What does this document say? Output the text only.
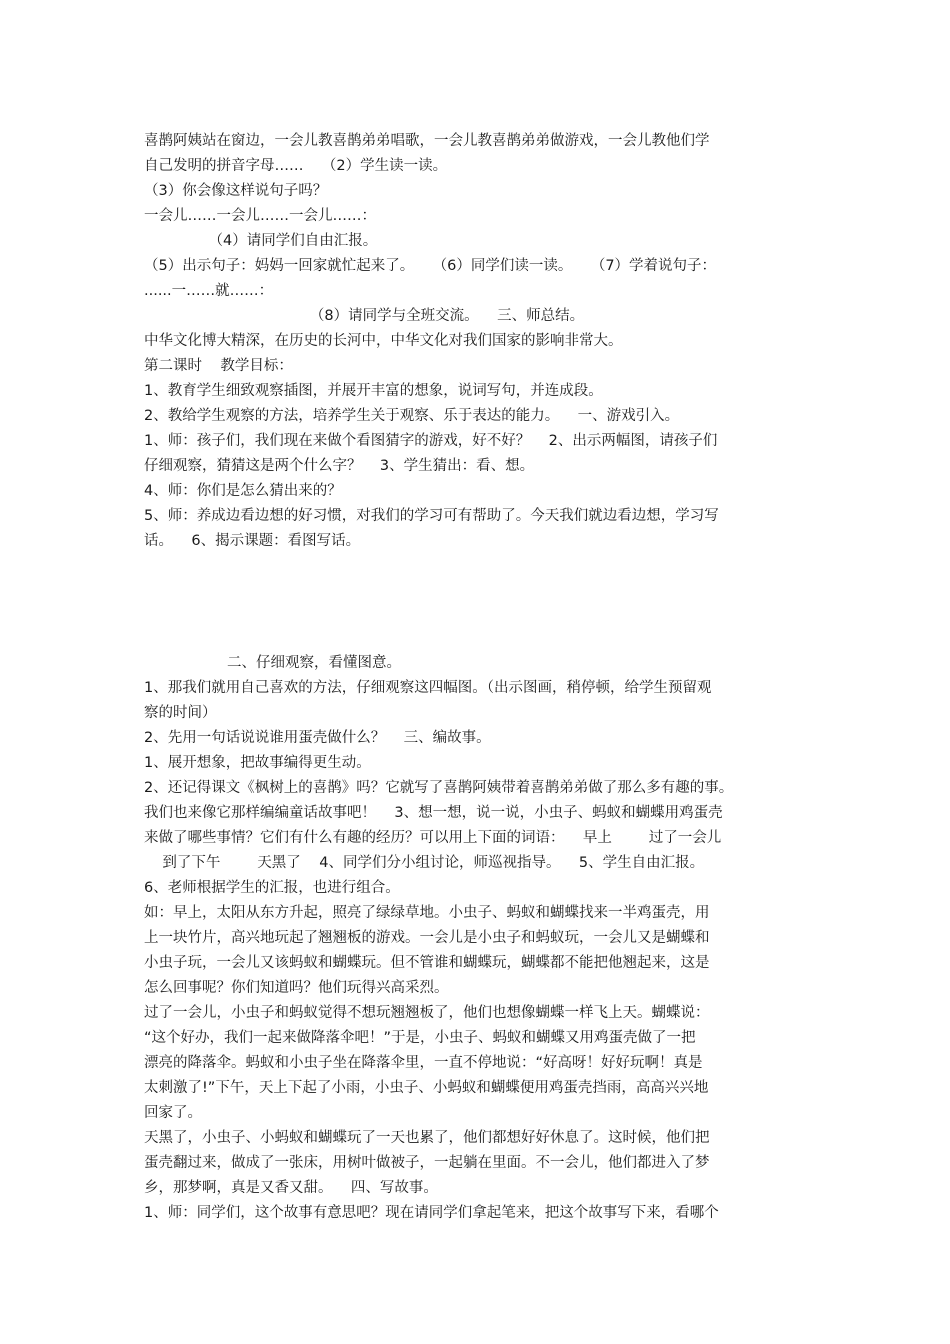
喜鹊阿姨站在窗边，一会儿教喜鹊弟弟唱歌，一会儿教喜鹊弟弟做游戏，一会儿教他们学
自己发明的拼音字母……    （2）学生读一读。
（3）你会像这样说句子吗？
一会儿……一会儿……一会儿……：
（4）请同学们自由汇报。
（5）出示句子：妈妈一回家就忙起来了。    （6）同学们读一读。    （7）学着说句子：
......一……就……：
（8）请同学与全班交流。    三、师总结。
中华文化博大精深，在历史的长河中，中华文化对我们国家的影响非常大。
第二课时    教学目标：
1、教育学生细致观察插图，并展开丰富的想象，说词写句，并连成段。
2、教给学生观察的方法，培养学生关于观察、乐于表达的能力。    一、游戏引入。
1、师：孩子们，我们现在来做个看图猜字的游戏，好不好？    2、出示两幅图，请孩子们
仔细观察，猜猜这是两个什么字？    3、学生猜出：看、想。
4、师：你们是怎么猜出来的？
5、师：养成边看边想的好习惯，对我们的学习可有帮助了。今天我们就边看边想，学习写
话。    6、揭示课题：看图写话。
二、仔细观察，看懂图意。
1、那我们就用自己喜欢的方法，仔细观察这四幅图。（出示图画，稍停顿，给学生预留观
察的时间）
2、先用一句话说说谁用蛋壳做什么？    三、编故事。
1、展开想象，把故事编得更生动。
2、还记得课文《枫树上的喜鹊》吗？它就写了喜鹊阿姨带着喜鹊弟弟做了那么多有趣的事。
我们也来像它那样编编童话故事吧！    3、想一想，说一说，小虫子、蚂蚁和蝴蝶用鸡蛋壳
来做了哪些事情？它们有什么有趣的经历？可以用上下面的词语：    早上        过了一会儿
到了下午        天黑了    4、同学们分小组讨论，师巡视指导。    5、学生自由汇报。
6、老师根据学生的汇报，也进行组合。
如：早上，太阳从东方升起，照亮了绿绿草地。小虫子、蚂蚁和蝴蝶找来一半鸡蛋壳，用
上一块竹片，高兴地玩起了翘翘板的游戏。一会儿是小虫子和蚂蚁玩，一会儿又是蝴蝶和
小虫子玩，一会儿又该蚂蚁和蝴蝶玩。但不管谁和蝴蝶玩，蝴蝶都不能把他翘起来，这是
怎么回事呢？你们知道吗？他们玩得兴高采烈。
过了一会儿，小虫子和蚂蚁觉得不想玩翘翘板了，他们也想像蝴蝶一样飞上天。蝴蝶说：
“这个好办，我们一起来做降落伞吧！”于是，小虫子、蚂蚁和蝴蝶又用鸡蛋壳做了一把
漂亮的降落伞。蚂蚁和小虫子坐在降落伞里，一直不停地说：“好高呀！好好玩啊！真是
太刺激了!”下午，天上下起了小雨，小虫子、小蚂蚁和蝴蝶便用鸡蛋壳挡雨，高高兴兴地
回家了。
天黑了，小虫子、小蚂蚁和蝴蝶玩了一天也累了，他们都想好好休息了。这时候，他们把
蛋壳翻过来，做成了一张床，用树叶做被子，一起躺在里面。不一会儿，他们都进入了梦
乡，那梦啊，真是又香又甜。    四、写故事。
1、师：同学们，这个故事有意思吧？现在请同学们拿起笔来，把这个故事写下来，看哪个
